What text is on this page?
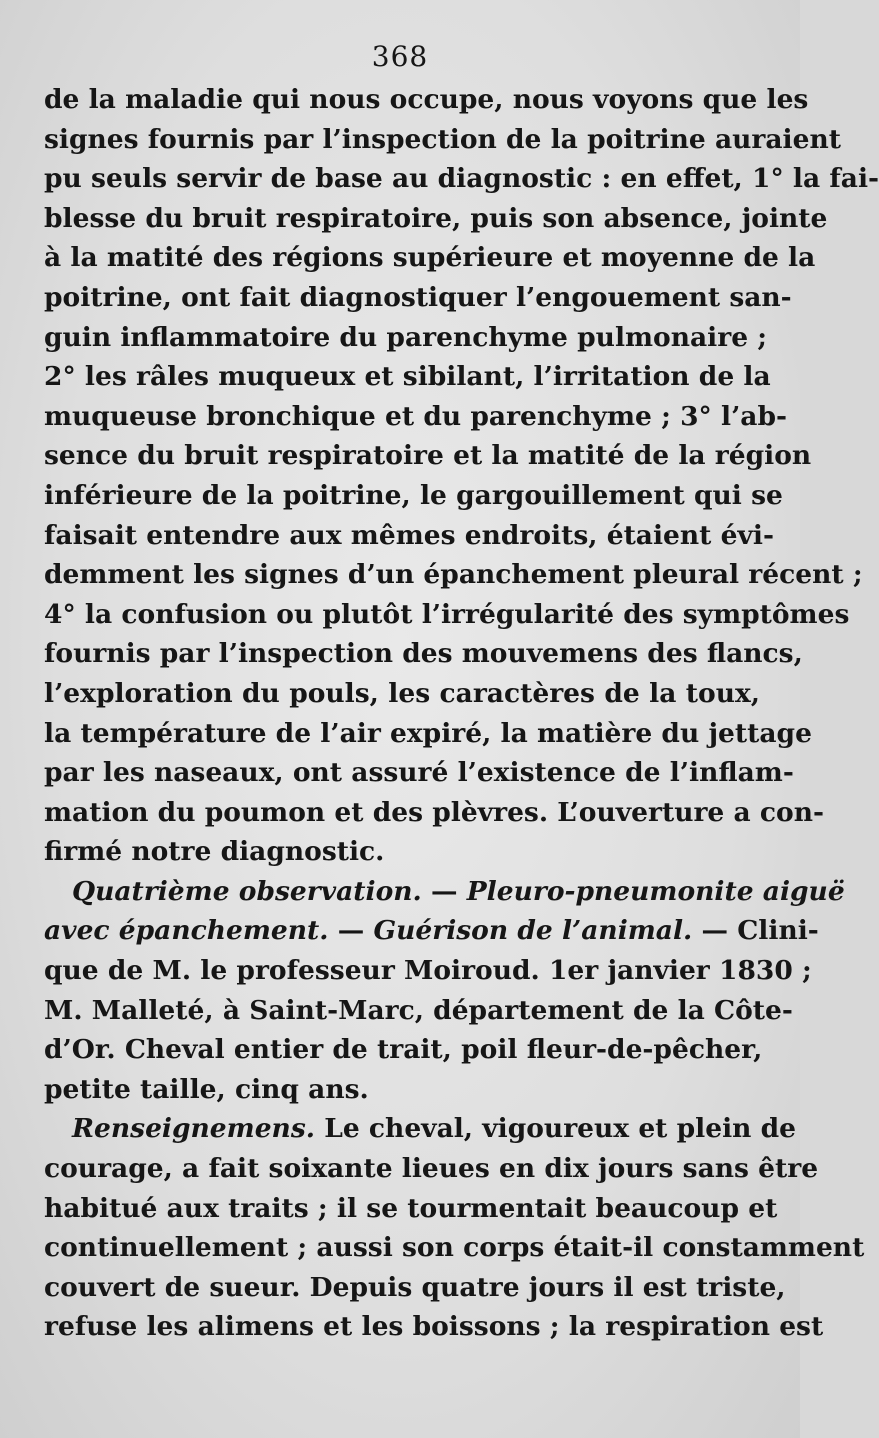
368
de la maladie qui nous occupe, nous voyons que les
signes fournis par l’inspection de la poitrine auraient
pu seuls servir de base au diagnostic : en effet, 1° la fai-
blesse du bruit respiratoire, puis son absence, jointe
à la matité des régions supérieure et moyenne de la
poitrine, ont fait diagnostiquer l’engouement san-
guin inflammatoire du parenchyme pulmonaire ;
2° les râles muqueux et sibilant, l’irritation de la
muqueuse bronchique et du parenchyme ; 3° l’ab-
sence du bruit respiratoire et la matité de la région
inférieure de la poitrine, le gargouillement qui se
faisait entendre aux mêmes endroits, étaient évi-
demment les signes d’un épanchement pleural récent ;
4° la confusion ou plutôt l’irrégularité des symptômes
fournis par l’inspection des mouvemens des flancs,
l’exploration du pouls, les caractères de la toux,
la température de l’air expiré, la matière du jettage
par les naseaux, ont assuré l’existence de l’inflam-
mation du poumon et des plèvres. L’ouverture a con-
firmé notre diagnostic.
Quatrième observation. — Pleuro-pneumonite aiguë
avec épanchement. — Guérison de l’animal. — Clini-
que de M. le professeur Moiroud. 1er janvier 1830 ;
M. Malleté, à Saint-Marc, département de la Côte-
d’Or. Cheval entier de trait, poil fleur-de-pêcher,
petite taille, cinq ans.
Renseignemens. Le cheval, vigoureux et plein de
courage, a fait soixante lieues en dix jours sans être
habitué aux traits ; il se tourmentait beaucoup et
continuellement ; aussi son corps était-il constamment
couvert de sueur. Depuis quatre jours il est triste,
refuse les alimens et les boissons ; la respiration est
